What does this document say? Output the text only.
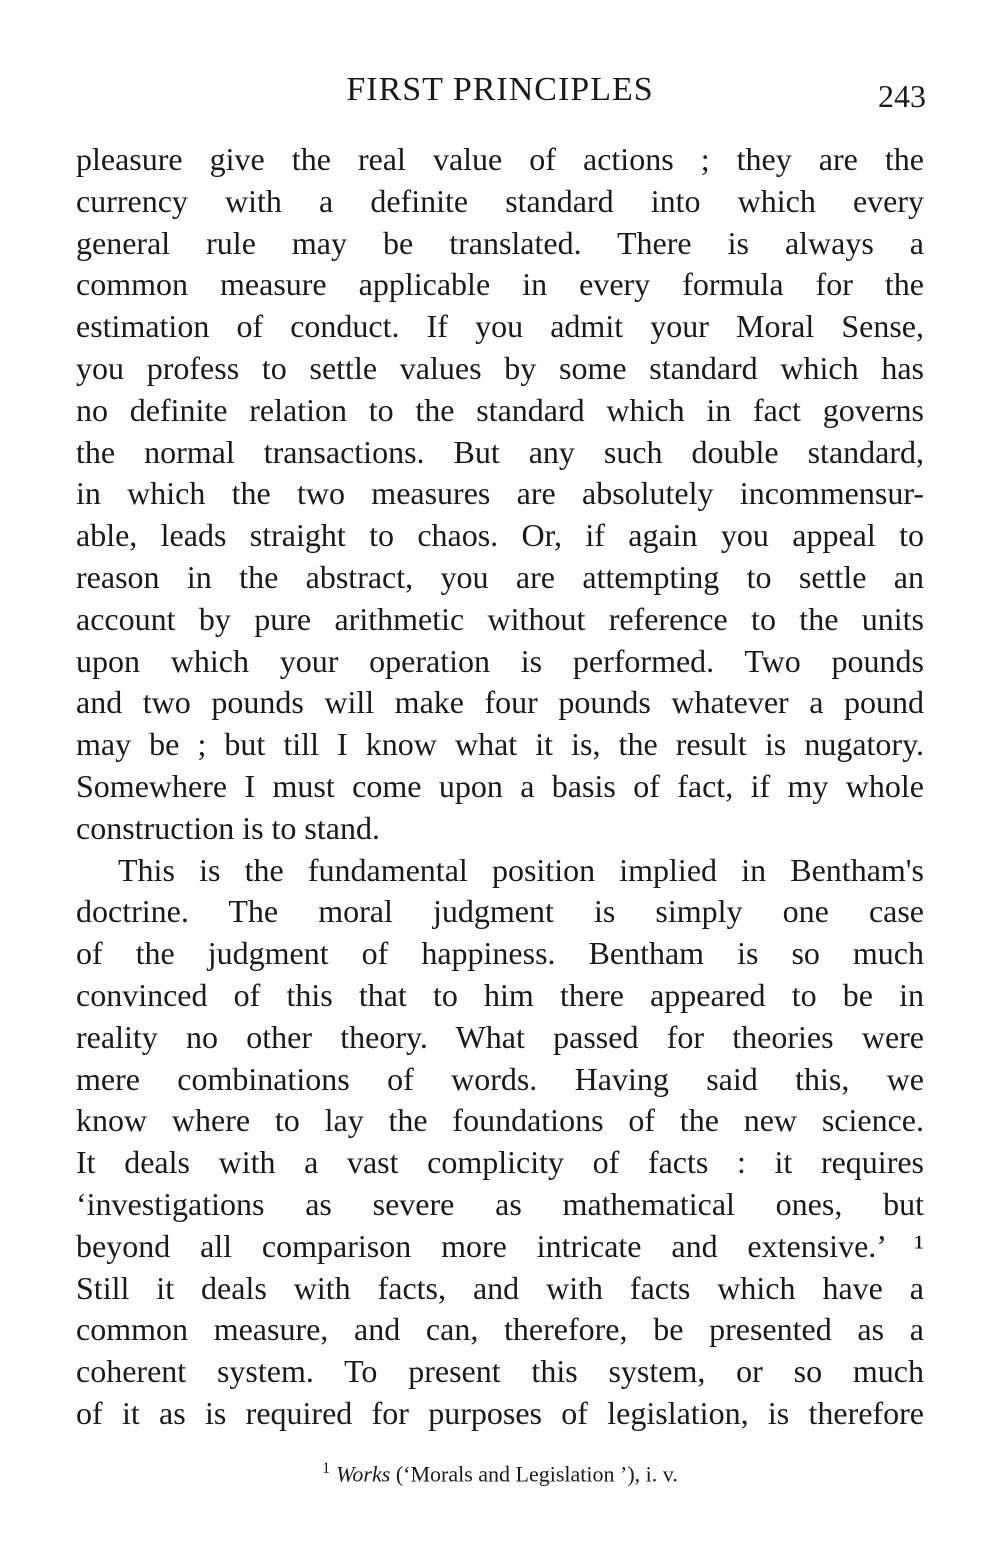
FIRST PRINCIPLES	243
pleasure give the real value of actions ; they are the
currency with a definite standard into which every
general rule may be translated. There is always a
common measure applicable in every formula for the
estimation of conduct. If you admit your Moral Sense,
you profess to settle values by some standard which has
no definite relation to the standard which in fact governs
the normal transactions. But any such double standard,
in which the two measures are absolutely incommensur-
able, leads straight to chaos. Or, if again you appeal to
reason in the abstract, you are attempting to settle an
account by pure arithmetic without reference to the units
upon which your operation is performed. Two pounds
and two pounds will make four pounds whatever a pound
may be ; but till I know what it is, the result is nugatory.
Somewhere I must come upon a basis of fact, if my whole
construction is to stand.
This is the fundamental position implied in Bentham's
doctrine. The moral judgment is simply one case
of the judgment of happiness. Bentham is so much
convinced of this that to him there appeared to be in
reality no other theory. What passed for theories were
mere combinations of words. Having said this, we
know where to lay the foundations of the new science.
It deals with a vast complicity of facts : it requires
‘investigations as severe as mathematical ones, but
beyond all comparison more intricate and extensive.’ ¹
Still it deals with facts, and with facts which have a
common measure, and can, therefore, be presented as a
coherent system. To present this system, or so much
of it as is required for purposes of legislation, is therefore
$^1$ Works (‘Morals and Legislation ’), i. v.
